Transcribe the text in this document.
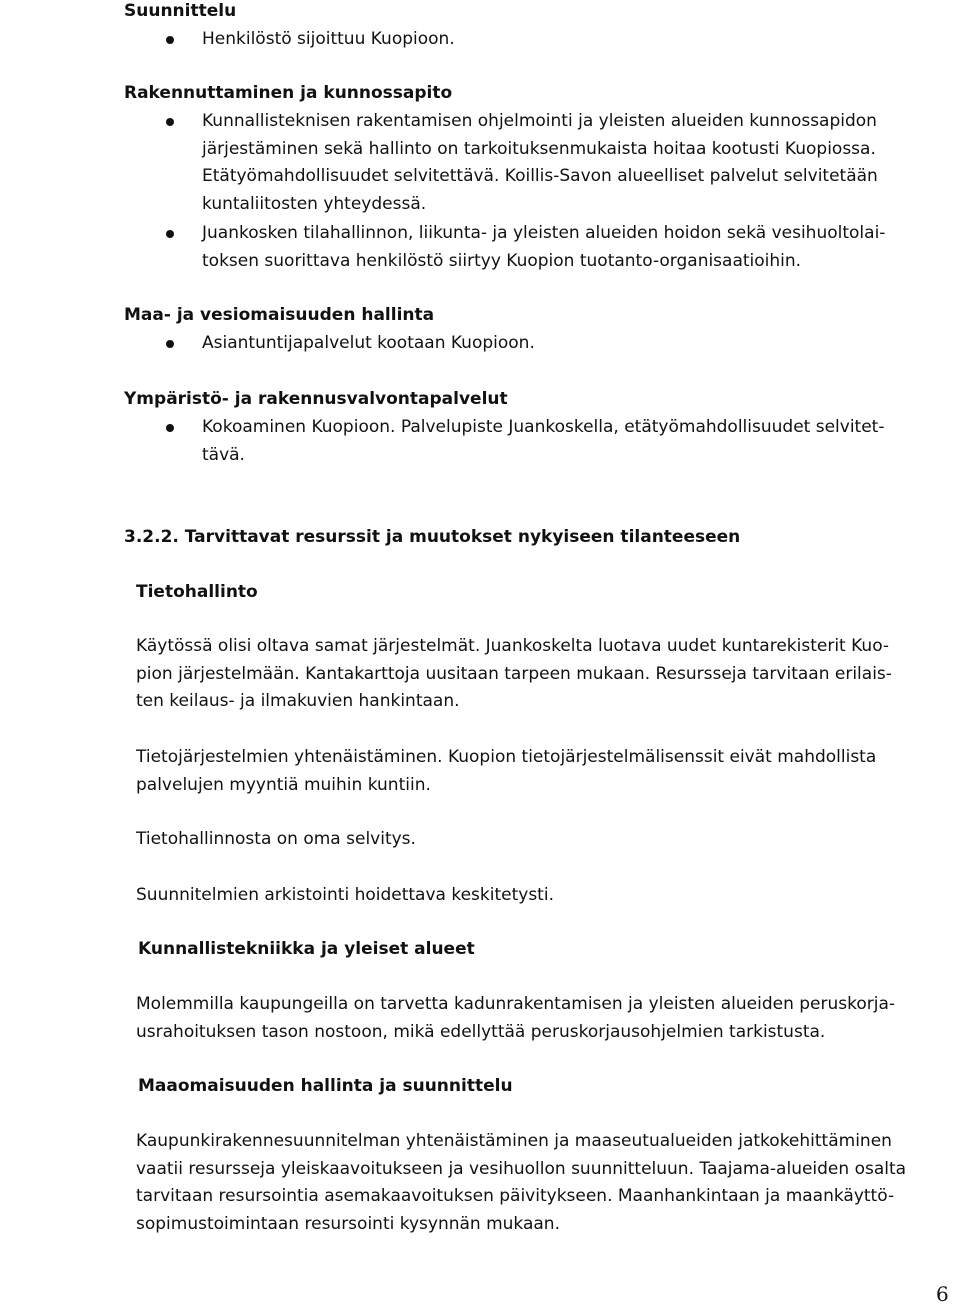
Suunnittelu
Henkilöstö sijoittuu Kuopioon.
Rakennuttaminen ja kunnossapito
Kunnallisteknisen rakentamisen ohjelmointi ja yleisten alueiden kunnossapidon
järjestäminen sekä hallinto on tarkoituksenmukaista hoitaa kootusti Kuopiossa.
Etätyömahdollisuudet selvitettävä. Koillis-Savon alueelliset palvelut selvitetään
kuntaliitosten yhteydessä.
Juankosken tilahallinnon, liikunta- ja yleisten alueiden hoidon sekä vesihuoltolai-
toksen suorittava henkilöstö siirtyy Kuopion tuotanto-organisaatioihin.
Maa- ja vesiomaisuuden hallinta
Asiantuntijapalvelut kootaan Kuopioon.
Ympäristö- ja rakennusvalvontapalvelut
Kokoaminen Kuopioon. Palvelupiste Juankoskella, etätyömahdollisuudet selvitet-
tävä.
3.2.2. Tarvittavat resurssit ja muutokset nykyiseen tilanteeseen
Tietohallinto
Käytössä olisi oltava samat järjestelmät. Juankoskelta luotava uudet kuntarekisterit Kuo-
pion järjestelmään. Kantakarttoja uusitaan tarpeen mukaan. Resursseja tarvitaan erilais-
ten keilaus- ja ilmakuvien hankintaan.
Tietojärjestelmien yhtenäistäminen. Kuopion tietojärjestelmälisenssit eivät mahdollista
palvelujen myyntiä muihin kuntiin.
Tietohallinnosta on oma selvitys.
Suunnitelmien arkistointi hoidettava keskitetysti.
Kunnallistekniikka ja yleiset alueet
Molemmilla kaupungeilla on tarvetta kadunrakentamisen ja yleisten alueiden peruskorja-
usrahoituksen tason nostoon, mikä edellyttää peruskorjausohjelmien tarkistusta.
Maaomaisuuden hallinta ja suunnittelu
Kaupunkirakennesuunnitelman yhtenäistäminen ja maaseutualueiden jatkokehittäminen
vaatii resursseja yleiskaavoitukseen ja vesihuollon suunnitteluun. Taajama-alueiden osalta
tarvitaan resursointia asemakaavoituksen päivitykseen. Maanhankintaan ja maankäyttö-
sopimustoimintaan resursointi kysynnän mukaan.
6
